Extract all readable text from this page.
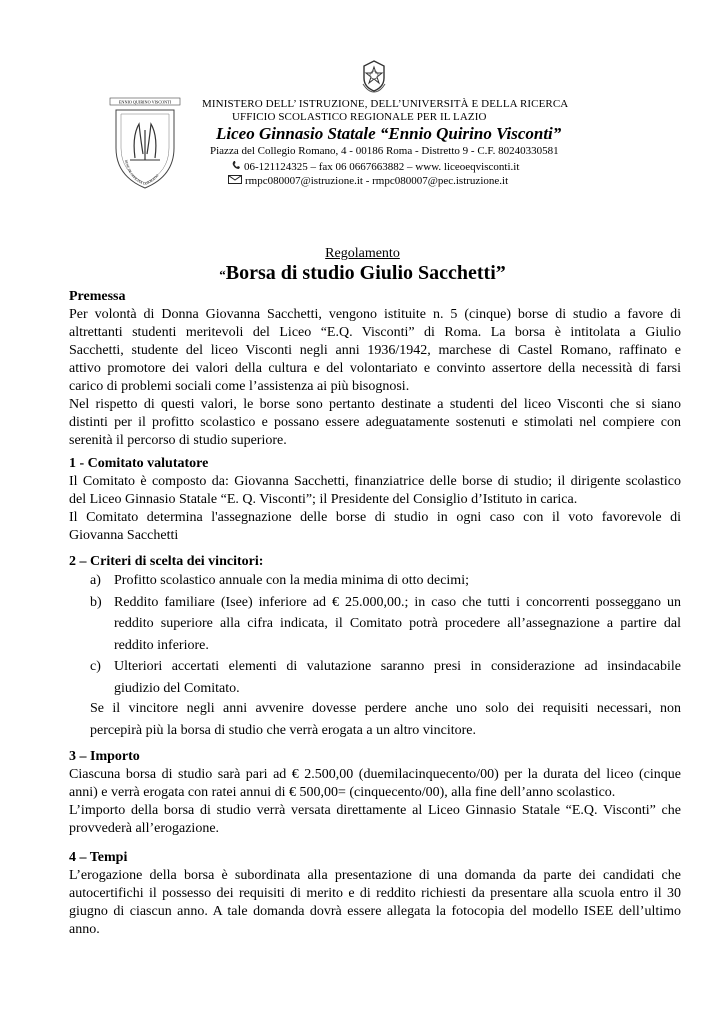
ENNIO QUIRINO VISCONTI
BENE DE OFFICINA LABORATIO
MINISTERO DELL’ ISTRUZIONE, DELL’UNIVERSITÀ E DELLA RICERCA
UFFICIO SCOLASTICO REGIONALE PER IL LAZIO
Liceo Ginnasio Statale “Ennio Quirino Visconti”
Piazza del Collegio Romano, 4 - 00186 Roma - Distretto 9 - C.F. 80240330581
06-121124325 – fax 06 0667663882 – www. liceoeqvisconti.it
rmpc080007@istruzione.it - rmpc080007@pec.istruzione.it
Regolamento
“Borsa di studio Giulio Sacchetti”
Premessa
Per volontà di Donna Giovanna Sacchetti, vengono istituite n. 5 (cinque) borse di studio a favore di
altrettanti studenti meritevoli del Liceo “E.Q. Visconti” di Roma. La borsa è intitolata a Giulio
Sacchetti, studente del liceo Visconti negli anni 1936/1942, marchese di Castel Romano, raffinato e
attivo promotore dei valori della cultura e del volontariato e convinto assertore della necessità di farsi
carico di problemi sociali come l’assistenza ai più bisognosi.
Nel rispetto di questi valori, le borse sono pertanto destinate a studenti del liceo Visconti che si siano
distinti per il profitto scolastico e possano essere adeguatamente sostenuti e stimolati nel compiere con
serenità il percorso di studio superiore.
1 - Comitato valutatore
Il Comitato è composto da: Giovanna Sacchetti, finanziatrice delle borse di studio; il dirigente scolastico
del Liceo Ginnasio Statale “E. Q. Visconti”; il Presidente del Consiglio d’Istituto in carica.
Il Comitato determina l'assegnazione delle borse di studio in ogni caso con il voto favorevole di
Giovanna Sacchetti
2 – Criteri di scelta dei vincitori:
a) Profitto scolastico annuale con la media minima di otto decimi;
b) Reddito familiare (Isee) inferiore ad € 25.000,00.; in caso che tutti i concorrenti posseggano un
reddito superiore alla cifra indicata, il Comitato potrà procedere all’assegnazione a partire dal
reddito inferiore.
c) Ulteriori accertati elementi di valutazione saranno presi in considerazione ad insindacabile
giudizio del Comitato.
Se il vincitore negli anni avvenire dovesse perdere anche uno solo dei requisiti necessari, non
percepirà più la borsa di studio che verrà erogata a un altro vincitore.
3 – Importo
Ciascuna borsa di studio sarà pari ad € 2.500,00 (duemilacinquecento/00) per la durata del liceo (cinque
anni) e verrà erogata con ratei annui di € 500,00= (cinquecento/00), alla fine dell’anno scolastico.
L’importo della borsa di studio verrà versata direttamente al Liceo Ginnasio Statale “E.Q. Visconti” che
provvederà all’erogazione.
4 – Tempi
L’erogazione della borsa è subordinata alla presentazione di una domanda da parte dei candidati che
autocertifichi il possesso dei requisiti di merito e di reddito richiesti da presentare alla scuola entro il 30
giugno di ciascun anno. A tale domanda dovrà essere allegata la fotocopia del modello ISEE dell’ultimo
anno.
